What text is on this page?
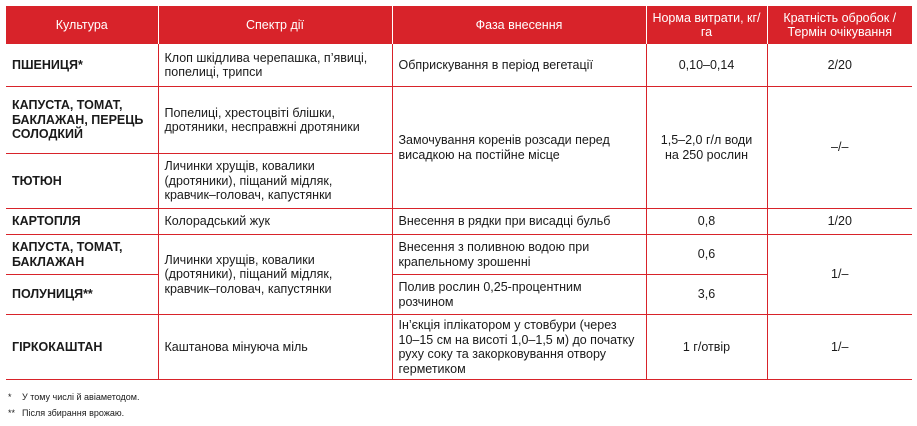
Культура	Спектр дії	Фаза внесення	Норма витрати, кг/га	Кратність обробок / Термін очікування
ПШЕНИЦЯ*	Клоп шкідлива черепашка, п’явиці, попелиці, трипси	Обприскування в період вегетації	0,10–0,14	2/20
КАПУСТА, ТОМАТ, БАКЛАЖАН, ПЕРЕЦЬ СОЛОДКИЙ	Попелиці, хрестоцвіті блішки, дротяники, несправжні дротяники	Замочування коренів розсади перед висадкою на постійне місце	1,5–2,0 г/л води на 250 рослин	–/–
ТЮТЮН	Личинки хрущів, ковалики (дротяники), піщаний мідляк, кравчик–головач, капустянки			
КАРТОПЛЯ	Колорадський жук	Внесення в рядки при висадці бульб	0,8	1/20
КАПУСТА, ТОМАТ, БАКЛАЖАН	Личинки хрущів, ковалики (дротяники), піщаний мідляк, кравчик–головач, капустянки	Внесення з поливною водою при крапельному зрошенні	0,6	1/–
ПОЛУНИЦЯ**		Полив рослин 0,25-процентним розчином	3,6	
ГІРКОКАШТАН	Каштанова мінуюча міль	Ін’єкція іплікатором у стовбури (через 10–15 см на висоті 1,0–1,5 м) до початку руху соку та закорковування отвору герметиком	1 г/отвір	1/–
* У тому числі й авіаметодом.
** Після збирання врожаю.
